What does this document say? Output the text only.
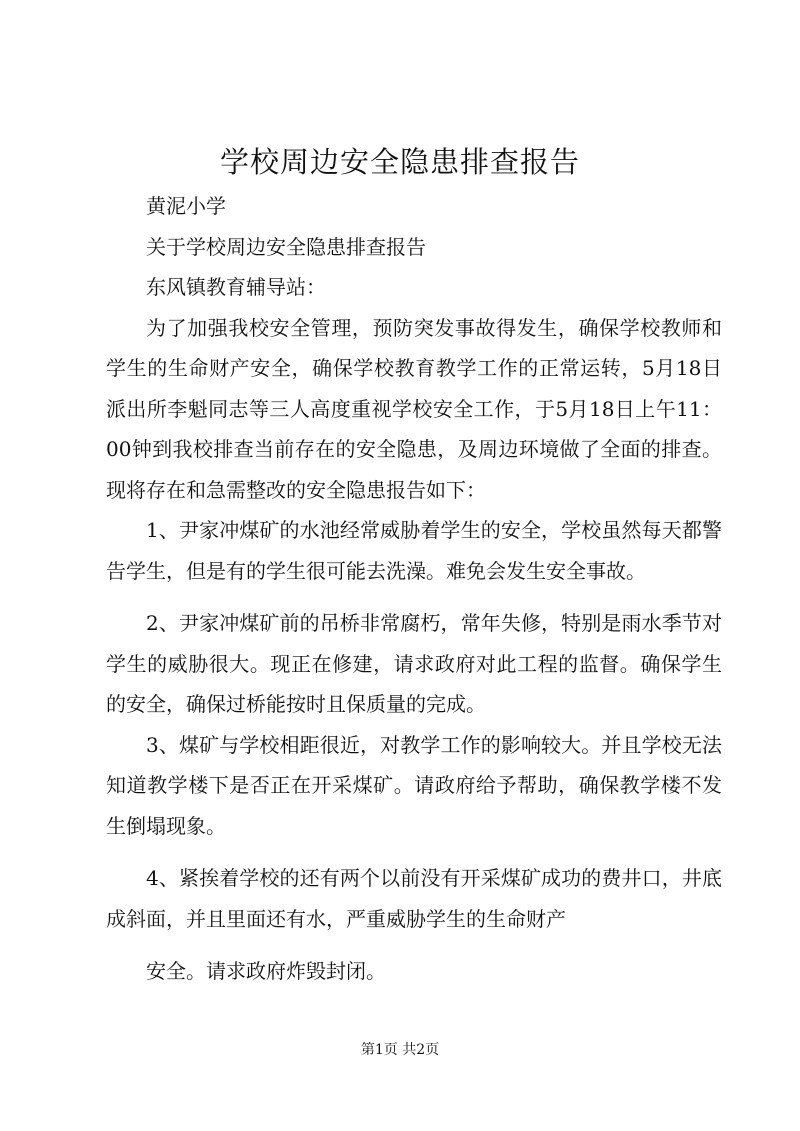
学校周边安全隐患排查报告

黄泥小学

关于学校周边安全隐患排查报告

东风镇教育辅导站：

为了加强我校安全管理，预防突发事故得发生，确保学校教师和学生的生命财产安全，确保学校教育教学工作的正常运转，5月18日派出所李魁同志等三人高度重视学校安全工作，于5月18日上午11：00钟到我校排查当前存在的安全隐患，及周边环境做了全面的排查。现将存在和急需整改的安全隐患报告如下：

1、尹家冲煤矿的水池经常威胁着学生的安全，学校虽然每天都警告学生，但是有的学生很可能去洗澡。难免会发生安全事故。

2、尹家冲煤矿前的吊桥非常腐朽，常年失修，特别是雨水季节对学生的威胁很大。现正在修建，请求政府对此工程的监督。确保学生的安全，确保过桥能按时且保质量的完成。

3、煤矿与学校相距很近，对教学工作的影响较大。并且学校无法知道教学楼下是否正在开采煤矿。请政府给予帮助，确保教学楼不发生倒塌现象。

4、紧挨着学校的还有两个以前没有开采煤矿成功的费井口，井底成斜面，并且里面还有水，严重威胁学生的生命财产

安全。请求政府炸毁封闭。

第1页 共2页
